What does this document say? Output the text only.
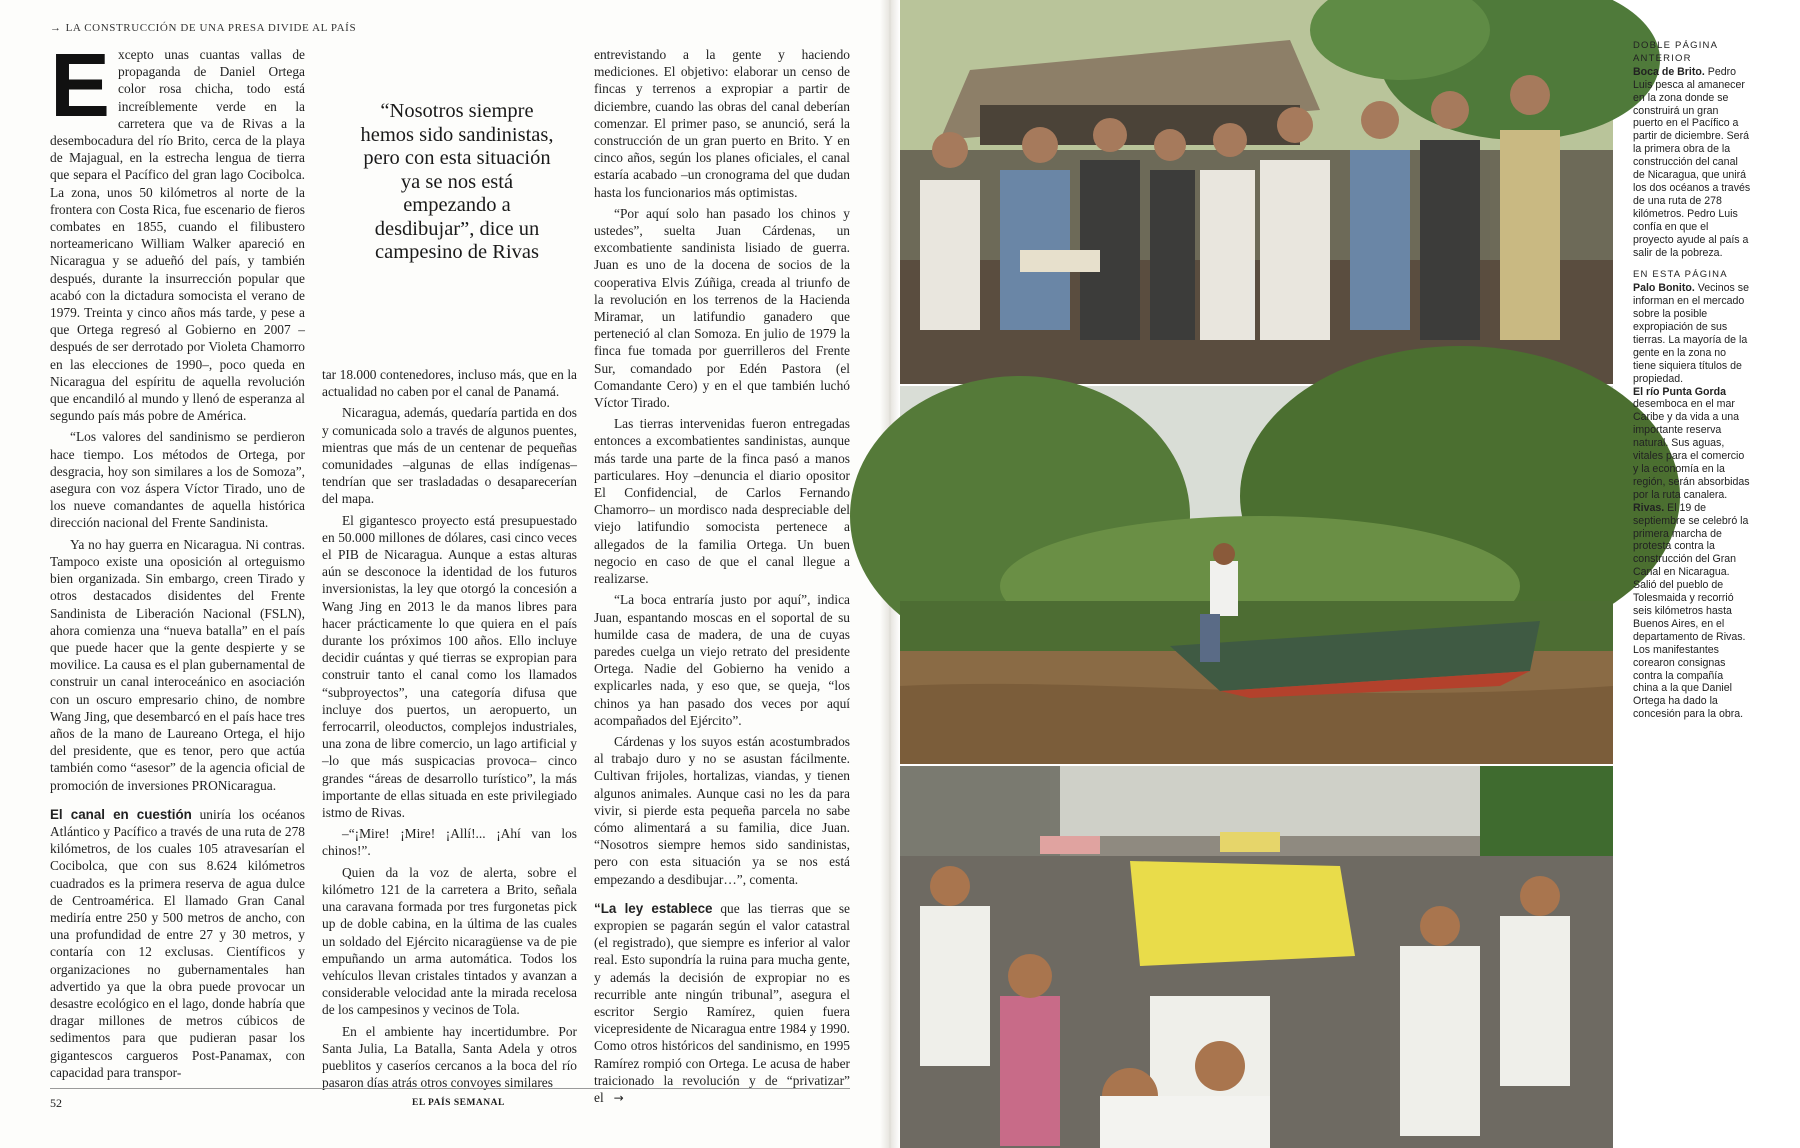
→ LA CONSTRUCCIÓN DE UNA PRESA DIVIDE AL PAÍS

Excepto unas cuantas vallas de propaganda de Daniel Ortega color rosa chicha, todo está increíblemente verde en la carretera que va de Rivas a la desembocadura del río Brito, cerca de la playa de Majagual, en la estrecha lengua de tierra que separa el Pacífico del gran lago Cocibolca. La zona, unos 50 kilómetros al norte de la frontera con Costa Rica, fue escenario de fieros combates en 1855, cuando el filibustero norteamericano William Walker apareció en Nicaragua y se adueñó del país, y también después, durante la insurrección popular que acabó con la dictadura somocista el verano de 1979. Treinta y cinco años más tarde, y pese a que Ortega regresó al Gobierno en 2007 –después de ser derrotado por Violeta Chamorro en las elecciones de 1990–, poco queda en Nicaragua del espíritu de aquella revolución que encandiló al mundo y llenó de esperanza al segundo país más pobre de América.

“Los valores del sandinismo se perdieron hace tiempo. Los métodos de Ortega, por desgracia, hoy son similares a los de Somoza”, asegura con voz áspera Víctor Tirado, uno de los nueve comandantes de aquella histórica dirección nacional del Frente Sandinista.

Ya no hay guerra en Nicaragua. Ni contras. Tampoco existe una oposición al orteguismo bien organizada. Sin embargo, creen Tirado y otros destacados disidentes del Frente Sandinista de Liberación Nacional (FSLN), ahora comienza una “nueva batalla” en el país que puede hacer que la gente despierte y se movilice. La causa es el plan gubernamental de construir un canal interoceánico en asociación con un oscuro empresario chino, de nombre Wang Jing, que desembarcó en el país hace tres años de la mano de Laureano Ortega, el hijo del presidente, que es tenor, pero que actúa también como “asesor” de la agencia oficial de promoción de inversiones PRONicaragua.

El canal en cuestión uniría los océanos Atlántico y Pacífico a través de una ruta de 278 kilómetros, de los cuales 105 atravesarían el Cocibolca, que con sus 8.624 kilómetros cuadrados es la primera reserva de agua dulce de Centroamérica. El llamado Gran Canal mediría entre 250 y 500 metros de ancho, con una profundidad de entre 27 y 30 metros, y contaría con 12 exclusas. Científicos y organizaciones no gubernamentales han advertido ya que la obra puede provocar un desastre ecológico en el lago, donde habría que dragar millones de metros cúbicos de sedimentos para que pudieran pasar los gigantescos cargueros Post-Panamax, con capacidad para transpor-

“Nosotros siempre hemos sido sandinistas, pero con esta situación ya se nos está empezando a desdibujar”, dice un campesino de Rivas

tar 18.000 contenedores, incluso más, que en la actualidad no caben por el canal de Panamá.

Nicaragua, además, quedaría partida en dos y comunicada solo a través de algunos puentes, mientras que más de un centenar de pequeñas comunidades –algunas de ellas indígenas– tendrían que ser trasladadas o desaparecerían del mapa.

El gigantesco proyecto está presupuestado en 50.000 millones de dólares, casi cinco veces el PIB de Nicaragua. Aunque a estas alturas aún se desconoce la identidad de los futuros inversionistas, la ley que otorgó la concesión a Wang Jing en 2013 le da manos libres para hacer prácticamente lo que quiera en el país durante los próximos 100 años. Ello incluye decidir cuántas y qué tierras se expropian para construir tanto el canal como los llamados “subproyectos”, una categoría difusa que incluye dos puertos, un aeropuerto, un ferrocarril, oleoductos, complejos industriales, una zona de libre comercio, un lago artificial y –lo que más suspicacias provoca– cinco grandes “áreas de desarrollo turístico”, la más importante de ellas situada en este privilegiado istmo de Rivas.

–“¡Mire! ¡Mire! ¡Allí!... ¡Ahí van los chinos!”.

Quien da la voz de alerta, sobre el kilómetro 121 de la carretera a Brito, señala una caravana formada por tres furgonetas pick up de doble cabina, en la última de las cuales un soldado del Ejército nicaragüense va de pie empuñando un arma automática. Todos los vehículos llevan cristales tintados y avanzan a considerable velocidad ante la mirada recelosa de los campesinos y vecinos de Tola.

En el ambiente hay incertidumbre. Por Santa Julia, La Batalla, Santa Adela y otros pueblitos y caseríos cercanos a la boca del río pasaron días atrás otros convoyes similares

entrevistando a la gente y haciendo mediciones. El objetivo: elaborar un censo de fincas y terrenos a expropiar a partir de diciembre, cuando las obras del canal deberían comenzar. El primer paso, se anunció, será la construcción de un gran puerto en Brito. Y en cinco años, según los planes oficiales, el canal estaría acabado –un cronograma del que dudan hasta los funcionarios más optimistas.

“Por aquí solo han pasado los chinos y ustedes”, suelta Juan Cárdenas, un excombatiente sandinista lisiado de guerra. Juan es uno de la docena de socios de la cooperativa Elvis Zúñiga, creada al triunfo de la revolución en los terrenos de la Hacienda Miramar, un latifundio ganadero que perteneció al clan Somoza. En julio de 1979 la finca fue tomada por guerrilleros del Frente Sur, comandado por Edén Pastora (el Comandante Cero) y en el que también luchó Víctor Tirado.

Las tierras intervenidas fueron entregadas entonces a excombatientes sandinistas, aunque más tarde una parte de la finca pasó a manos particulares. Hoy –denuncia el diario opositor El Confidencial, de Carlos Fernando Chamorro– un mordisco nada despreciable del viejo latifundio somocista pertenece a allegados de la familia Ortega. Un buen negocio en caso de que el canal llegue a realizarse.

“La boca entraría justo por aquí”, indica Juan, espantando moscas en el soportal de su humilde casa de madera, de una de cuyas paredes cuelga un viejo retrato del presidente Ortega. Nadie del Gobierno ha venido a explicarles nada, y eso que, se queja, “los chinos ya han pasado dos veces por aquí acompañados del Ejército”.

Cárdenas y los suyos están acostumbrados al trabajo duro y no se asustan fácilmente. Cultivan frijoles, hortalizas, viandas, y tienen algunos animales. Aunque casi no les da para vivir, si pierde esta pequeña parcela no sabe cómo alimentará a su familia, dice Juan. “Nosotros siempre hemos sido sandinistas, pero con esta situación ya se nos está empezando a desdibujar…”, comenta.

“La ley establece que las tierras que se expropien se pagarán según el valor catastral (el registrado), que siempre es inferior al valor real. Esto supondría la ruina para mucha gente, y además la decisión de expropiar no es recurrible ante ningún tribunal”, asegura el escritor Sergio Ramírez, quien fuera vicepresidente de Nicaragua entre 1984 y 1990. Como otros históricos del sandinismo, en 1995 Ramírez rompió con Ortega. Le acusa de haber traicionado la revolución y de “privatizar” el →

52	EL PAÍS SEMANAL
DOBLE PÁGINA ANTERIOR
Boca de Brito. Pedro Luis pesca al amanecer en la zona donde se construirá un gran puerto en el Pacífico a partir de diciembre. Será la primera obra de la construcción del canal de Nicaragua, que unirá los dos océanos a través de una ruta de 278 kilómetros. Pedro Luis confía en que el proyecto ayude al país a salir de la pobreza.
EN ESTA PÁGINA
Palo Bonito. Vecinos se informan en el mercado sobre la posible expropiación de sus tierras. La mayoría de la gente en la zona no tiene siquiera títulos de propiedad.
El río Punta Gorda desemboca en el mar Caribe y da vida a una importante reserva natural. Sus aguas, vitales para el comercio y la economía en la región, serán absorbidas por la ruta canalera.
Rivas. El 19 de septiembre se celebró la primera marcha de protesta contra la construcción del Gran Canal en Nicaragua. Salió del pueblo de Tolesmaida y recorrió seis kilómetros hasta Buenos Aires, en el departamento de Rivas. Los manifestantes corearon consignas contra la compañía china a la que Daniel Ortega ha dado la concesión para la obra.
